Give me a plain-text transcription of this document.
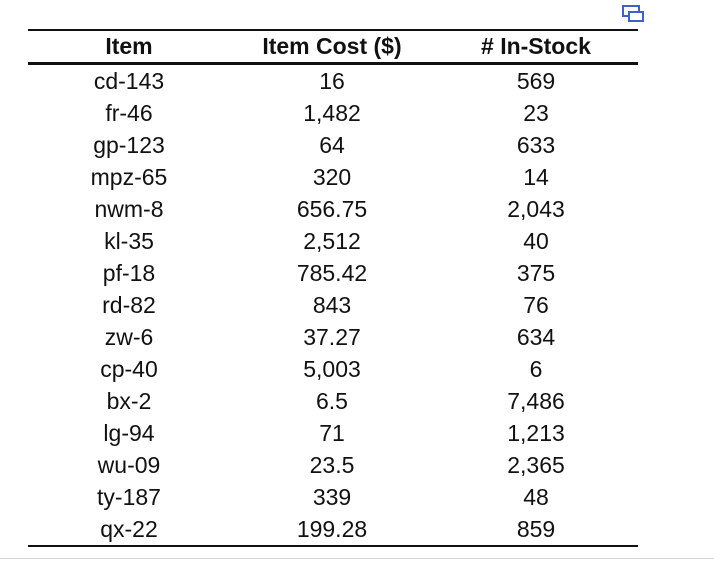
Item	Item Cost ($)	# In-Stock
cd-143	16	569
fr-46	1,482	23
gp-123	64	633
mpz-65	320	14
nwm-8	656.75	2,043
kl-35	2,512	40
pf-18	785.42	375
rd-82	843	76
zw-6	37.27	634
cp-40	5,003	6
bx-2	6.5	7,486
lg-94	71	1,213
wu-09	23.5	2,365
ty-187	339	48
qx-22	199.28	859
